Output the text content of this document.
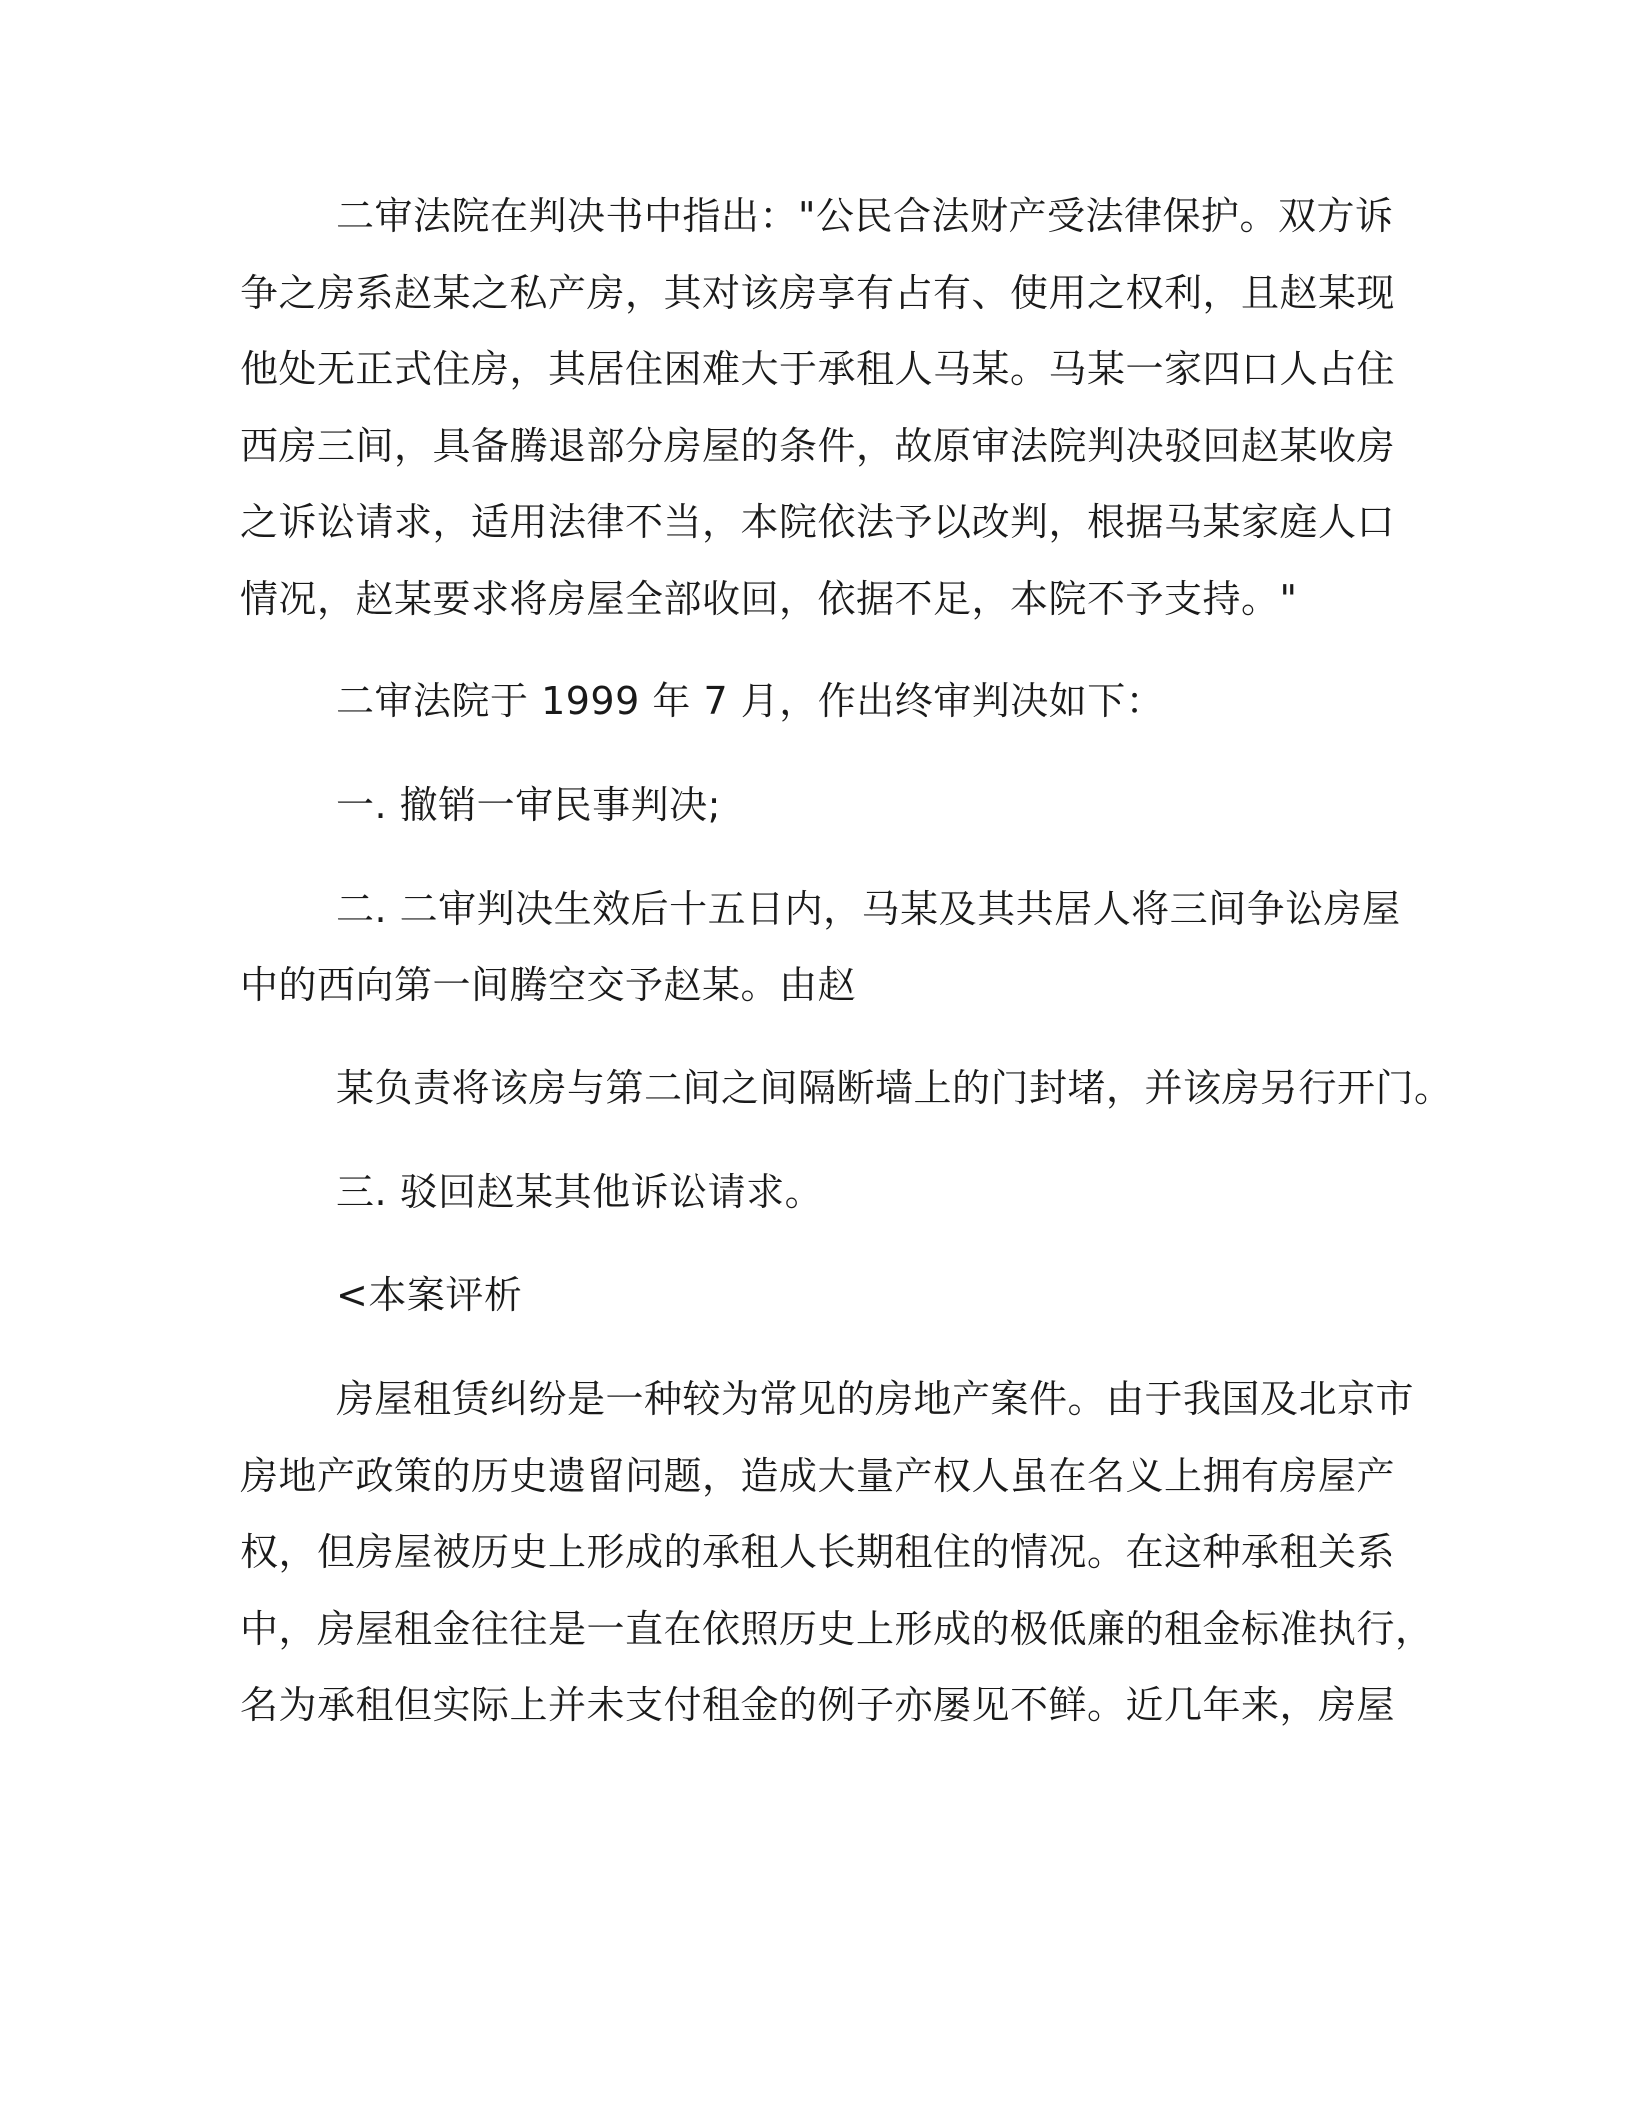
二审法院在判决书中指出："公民合法财产受法律保护。双方诉
争之房系赵某之私产房，其对该房享有占有、使用之权利，且赵某现
他处无正式住房，其居住困难大于承租人马某。马某一家四口人占住
西房三间，具备腾退部分房屋的条件，故原审法院判决驳回赵某收房
之诉讼请求，适用法律不当，本院依法予以改判，根据马某家庭人口
情况，赵某要求将房屋全部收回，依据不足，本院不予支持。"
二审法院于 1999 年 7 月，作出终审判决如下：
一. 撤销一审民事判决;
二. 二审判决生效后十五日内，马某及其共居人将三间争讼房屋
中的西向第一间腾空交予赵某。由赵
某负责将该房与第二间之间隔断墙上的门封堵，并该房另行开门。
三. 驳回赵某其他诉讼请求。
<本案评析
房屋租赁纠纷是一种较为常见的房地产案件。由于我国及北京市
房地产政策的历史遗留问题，造成大量产权人虽在名义上拥有房屋产
权，但房屋被历史上形成的承租人长期租住的情况。在这种承租关系
中，房屋租金往往是一直在依照历史上形成的极低廉的租金标准执行，
名为承租但实际上并未支付租金的例子亦屡见不鲜。近几年来，房屋
